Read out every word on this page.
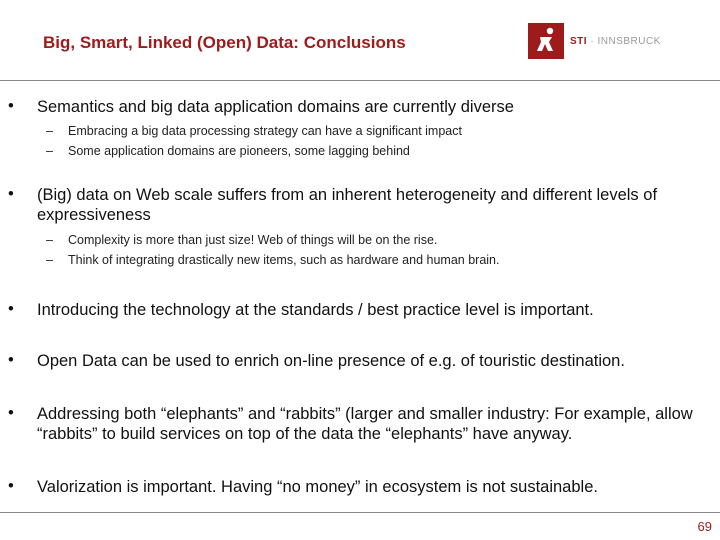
Big, Smart, Linked (Open) Data: Conclusions	STI · INNSBRUCK
• Semantics and big data application domains are currently diverse
– Embracing a big data processing strategy can have a significant impact
– Some application domains are pioneers, some lagging behind
• (Big) data on Web scale suffers from an inherent heterogeneity and different levels of expressiveness
– Complexity is more than just size! Web of things will be on the rise.
– Think of integrating drastically new items, such as hardware and human brain.
• Introducing the technology at the standards / best practice level is important.
• Open Data can be used to enrich on-line presence of e.g. of touristic destination.
• Addressing both “elephants” and “rabbits” (larger and smaller industry: For example, allow “rabbits” to build services on top of the data the “elephants” have anyway.
• Valorization is important. Having “no money” in ecosystem is not sustainable.
69
